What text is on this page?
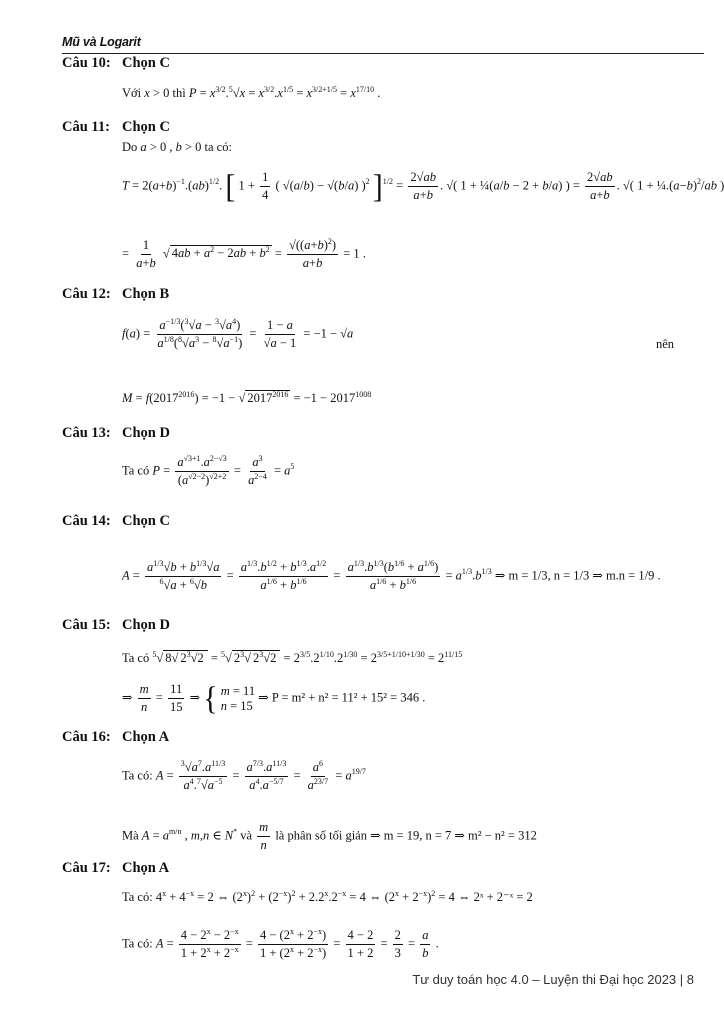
Mũ và Logarit
Câu 10: Chọn C
Với x > 0 thì $P = x^{3/2}.^5√x = x^{3/2}.x^{1/5} = x^{3/2+1/5} = x^{17/10}$ .
Câu 11: Chọn C
Do a > 0 , b > 0 ta có:
$T = 2(a+b)^{-1}.(ab)^{1/2}$. [ $1 + \frac{1}{4}$ ( √(a/b) − √(b/a) )$^2$ ]$^{1/2} = \frac{2√ab}{a+b}$ . √( 1 + ¼(a/b − 2 + b/a) ) = $\frac{2√ab}{a+b}$ . √( $1 + \frac{1}{4}.(a-b)^2/ab$ )
= $\frac{1}{a+b}$ √ $4ab + a^2 - 2ab + b^2 = \frac{√((a+b)^2)}{a+b} = 1$ .
Câu 12: Chọn B
$f(a) = \frac{a^{-1/3}(^3√a - ^3√a^4)}{a^{1/8}(^8√a^3 - ^8√a^{-1})} = \frac{1 - a}{√a - 1} = -1 - √a$
nên
$M = f(2017^{2016}) = -1$ − √ $2017^{2016} = -1 - 2017^{1008}$
Câu 13: Chọn D
Ta có $P = \frac{a^{√3+1}.a^{2-√3}}{(a^{√2-2})^{√2+2}} = \frac{a^3}{a^{2-4}} = a^5$
Câu 14: Chọn C
$A = \frac{a^{1/3}√b + b^{1/3}√a}{^6√a + ^6√b} = \frac{a^{1/3}.b^{1/2} + b^{1/3}.a^{1/2}}{a^{1/6} + b^{1/6}} = \frac{a^{1/3}.b^{1/3}(b^{1/6} + a^{1/6})}{a^{1/6} + b^{1/6}} = a^{1/3}.b^{1/3}$ ⇒ m = 1/3, n = 1/3 ⇒ m.n = 1/9 .
Câu 15: Chọn D
Ta có $^5$√ 8√ $2^3√2 = ^5√$ $2^3√$ $2^3√2 = 2^{3/5}.2^{1/10}.2^{1/30} = 2^{3/5+1/10+1/30} = 2^{11/15}$
⇒ $\frac{m}{n} = \frac{11}{15}$ ⇒ { m = 11
n = 15
⇒ P = m² + n² = 11² + 15² = 346 .
Câu 16: Chọn A
Ta có: $A = \frac{^3√a^7.a^{11/3}}{a^4.^7√a^{-5}} = \frac{a^{7/3}.a^{11/3}}{a^4.a^{-5/7}} = \frac{a^6}{a^{23/7}} = a^{19/7}$
Mà $A = a^{m/n}$ , m,n ∈ N* và $\frac{m}{n}$ là phân số tối giản ⇒ m = 19, n = 7 ⇒ m² − n² = 312
Câu 17: Chọn A
Ta có: $4^x + 4^{-x} = 2$ ⇔ $(2^x)^2 + (2^{-x})^2 + 2.2^x.2^{-x} = 4$ ⇔ $(2^x + 2^{-x})^2 = 4$ ⇔ 2ˣ + 2⁻ˣ = 2
Ta có: $A = \frac{4 - 2^x - 2^{-x}}{1 + 2^x + 2^{-x}} = \frac{4 - (2^x + 2^{-x})}{1 + (2^x + 2^{-x})} = \frac{4 - 2}{1 + 2} = \frac{2}{3} = \frac{a}{b}$ .
Tư duy toán học 4.0 – Luyện thi Đại học 2023 | 8
